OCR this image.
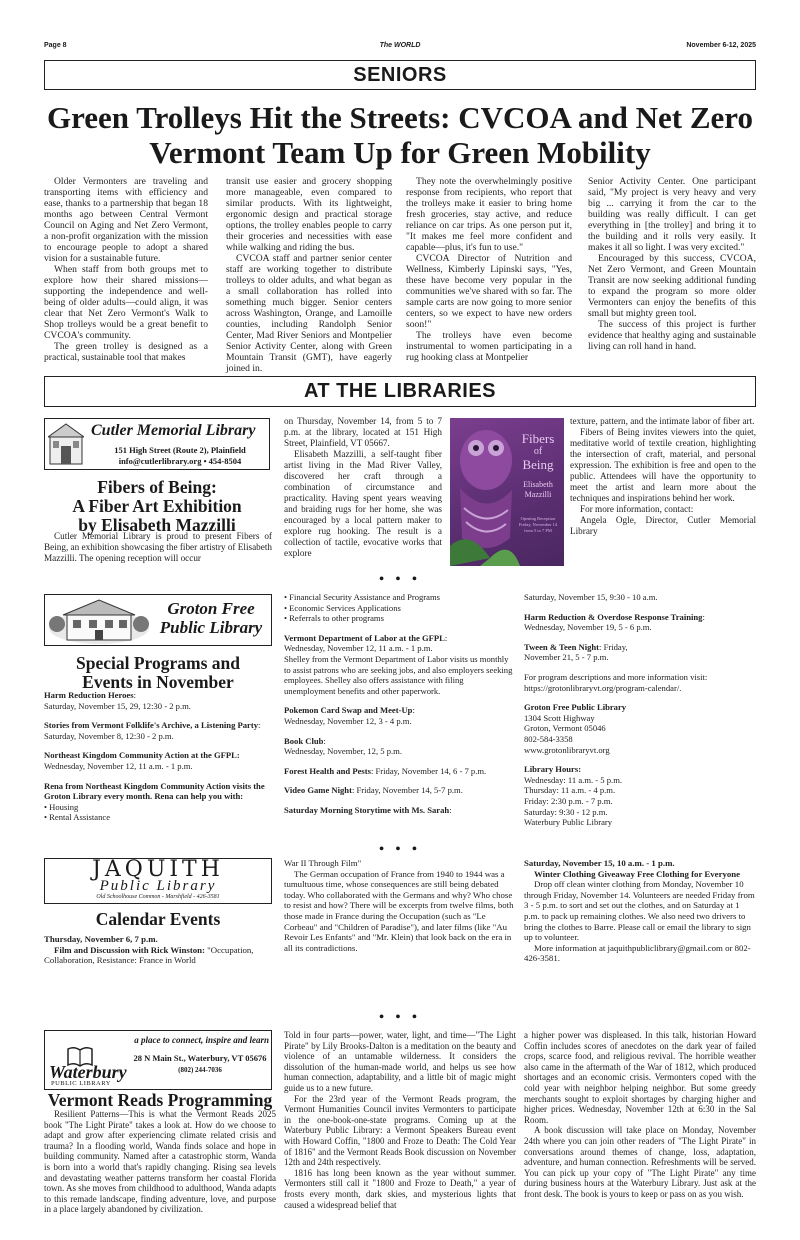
Page 8	The WORLD	November 6-12, 2025
SENIORS
Green Trolleys Hit the Streets: CVCOA and Net Zero Vermont Team Up for Green Mobility

Older Vermonters are traveling and transporting items with efficiency and ease, thanks to a partnership that began 18 months ago between Central Vermont Council on Aging and Net Zero Vermont, a non-profit organization with the mission to encourage people to adopt a shared vision for a sustainable future.

When staff from both groups met to explore how their shared missions—supporting the independence and well-being of older adults—could align, it was clear that Net Zero Vermont's Walk to Shop trolleys would be a great benefit to CVCOA's community.

The green trolley is designed as a practical, sustainable tool that makes

transit use easier and grocery shopping more manageable, even compared to similar products. With its lightweight, ergonomic design and practical storage options, the trolley enables people to carry their groceries and necessities with ease while walking and riding the bus.

CVCOA staff and partner senior center staff are working together to distribute trolleys to older adults, and what began as a small collaboration has rolled into something much bigger. Senior centers across Washington, Orange, and Lamoille counties, including Randolph Senior Center, Mad River Seniors and Montpelier Senior Activity Center, along with Green Mountain Transit (GMT), have eagerly joined in.

They note the overwhelmingly positive response from recipients, who report that the trolleys make it easier to bring home fresh groceries, stay active, and reduce reliance on car trips. As one person put it, "It makes me feel more confident and capable—plus, it's fun to use."

CVCOA Director of Nutrition and Wellness, Kimberly Lipinski says, "Yes, these have become very popular in the communities we've shared with so far. The sample carts are now going to more senior centers, so we expect to have new orders soon!"

The trolleys have even become instrumental to women participating in a rug hooking class at Montpelier

Senior Activity Center. One participant said, "My project is very heavy and very big ... carrying it from the car to the building was really difficult. I can get everything in [the trolley] and bring it to the building and it rolls very easily. It makes it all so light. I was very excited."

Encouraged by this success, CVCOA, Net Zero Vermont, and Green Mountain Transit are now seeking additional funding to expand the program so more older Vermonters can enjoy the benefits of this small but mighty green tool.

The success of this project is further evidence that healthy aging and sustainable living can roll hand in hand.

AT THE LIBRARIES
Cutler Memorial Library
151 High Street (Route 2), Plainfield
info@cutlerlibrary.org • 454-8504
Fibers of Being:
A Fiber Art Exhibition
by Elisabeth Mazzilli

Cutler Memorial Library is proud to present Fibers of Being, an exhibition showcasing the fiber artistry of Elisabeth Mazzilli. The opening reception will occur

on Thursday, November 14, from 5 to 7 p.m. at the library, located at 151 High Street, Plainfield, VT 05667.

Elisabeth Mazzilli, a self-taught fiber artist living in the Mad River Valley, discovered her craft through a combination of circumstance and practicality. Having spent years weaving and braiding rugs for her home, she was encouraged by a local pattern maker to explore rug hooking. The result is a collection of tactile, evocative works that explore

Fibers
of
Being
Elisabeth
Mazzilli
Opening Reception Friday, November 14 from 5 to 7 PM

texture, pattern, and the intimate labor of fiber art.

Fibers of Being invites viewers into the quiet, meditative world of textile creation, highlighting the intersection of craft, material, and personal expression. The exhibition is free and open to the public. Attendees will have the opportunity to meet the artist and learn more about the techniques and inspirations behind her work.

For more information, contact:

Angela Ogle, Director, Cutler Memorial Library

• • •
Groton Free
Public Library
Special Programs and
Events in November

Harm Reduction Heroes:
Saturday, November 15, 29, 12:30 - 2 p.m.

Stories from Vermont Folklife's Archive, a Listening Party: Saturday, November 8, 12:30 - 2 p.m.

Northeast Kingdom Community Action at the GFPL:
Wednesday, November 12, 11 a.m. - 1 p.m.

Rena from Northeast Kingdom Community Action visits the Groton Library every month. Rena can help you with:
• Housing
• Rental Assistance
• Financial Security Assistance and Programs
• Economic Services Applications
• Referrals to other programs

Vermont Department of Labor at the GFPL:
Wednesday, November 12, 11 a.m. - 1 p.m.
Shelley from the Vermont Department of Labor visits us monthly to assist patrons who are seeking jobs, and also employers seeking employees. Shelley also offers assistance with filing unemployment benefits and other paperwork.

Pokemon Card Swap and Meet-Up:
Wednesday, November 12, 3 - 4 p.m.

Book Club:
Wednesday, November, 12, 5 p.m.

Forest Health and Pests: Friday, November 14, 6 - 7 p.m.

Video Game Night: Friday, November 14, 5-7 p.m.

Saturday Morning Storytime with Ms. Sarah:

Saturday, November 15, 9:30 - 10 a.m.

Harm Reduction & Overdose Response Training:
Wednesday, November 19, 5 - 6 p.m.

Tween & Teen Night: Friday,
November 21, 5 - 7 p.m.

For program descriptions and more information visit: https://grotonlibraryvt.org/program-calendar/.

Groton Free Public Library
1304 Scott Highway
Groton, Vermont 05046
802-584-3358
www.grotonlibraryvt.org

Library Hours:
Wednesday: 11 a.m. - 5 p.m.
Thursday: 11 a.m. - 4 p.m.
Friday: 2:30 p.m. - 7 p.m.
Saturday: 9:30 - 12 p.m.
Waterbury Public Library

• • •
JAQUITH
Public Library
Old Schoolhouse Common - Marshfield - 426-3581
Calendar Events
Thursday, November 6, 7 p.m.
Film and Discussion with Rick Winston: "Occupation, Collaboration, Resistance: France in World
War II Through Film"
The German occupation of France from 1940 to 1944 was a tumultuous time, whose consequences are still being debated today. Who collaborated with the Germans and why? Who chose to resist and how? There will be excerpts from twelve films, both those made in France during the Occupation (such as "Le Corbeau" and "Children of Paradise"), and later films (like "Au Revoir Les Enfants" and "Mr. Klein) that look back on the era in all its contradictions.
Saturday, November 15, 10 a.m. - 1 p.m.
Winter Clothing Giveaway Free Clothing for Everyone
Drop off clean winter clothing from Monday, November 10 through Friday, November 14. Volunteers are needed Friday from 3 - 5 p.m. to sort and set out the clothes, and on Saturday at 1 p.m. to pack up remaining clothes. We also need two drivers to bring the clothes to Barre. Please call or email the library to sign up to volunteer.
More information at jaquithpubliclibrary@gmail.com or 802-426-3581.
• • •
a place to connect, inspire and learn
Waterbury
PUBLIC LIBRARY
28 N Main St., Waterbury, VT 05676
(802) 244-7036
Vermont Reads Programming

Resilient Patterns—This is what the Vermont Reads 2025 book "The Light Pirate" takes a look at. How do we choose to adapt and grow after experiencing climate related crisis and trauma? In a flooding world, Wanda finds solace and hope in building community. Named after a catastrophic storm, Wanda is born into a world that's rapidly changing. Rising sea levels and devastating weather patterns transform her coastal Florida town. As she moves from childhood to adulthood, Wanda adapts to this remade landscape, finding adventure, love, and purpose in a place largely abandoned by civilization.

Told in four parts—power, water, light, and time—"The Light Pirate" by Lily Brooks-Dalton is a meditation on the beauty and violence of an untamable wilderness. It considers the dissolution of the human-made world, and helps us see how human connection, adaptability, and a little bit of magic might guide us to a new future.

For the 23rd year of the Vermont Reads program, the Vermont Humanities Council invites Vermonters to participate in the one-book-one-state programs. Coming up at the Waterbury Public Library: a Vermont Speakers Bureau event with Howard Coffin, "1800 and Froze to Death: The Cold Year of 1816" and the Vermont Reads Book discussion on November 12th and 24th respectively.

1816 has long been known as the year without summer. Vermonters still call it "1800 and Froze to Death," a year of frosts every month, dark skies, and mysterious lights that caused a widespread belief that

a higher power was displeased. In this talk, historian Howard Coffin includes scores of anecdotes on the dark year of failed crops, scarce food, and religious revival. The horrible weather also came in the aftermath of the War of 1812, which produced shortages and an economic crisis. Vermonters coped with the cold year with neighbor helping neighbor. But some greedy merchants sought to exploit shortages by charging higher and higher prices. Wednesday, November 12th at 6:30 in the Sal Room.

A book discussion will take place on Monday, November 24th where you can join other readers of "The Light Pirate" in conversations around themes of change, loss, adaptation, adventure, and human connection. Refreshments will be served. You can pick up your copy of "The Light Pirate" any time during business hours at the Waterbury Library. Just ask at the front desk. The book is yours to keep or pass on as you wish.
